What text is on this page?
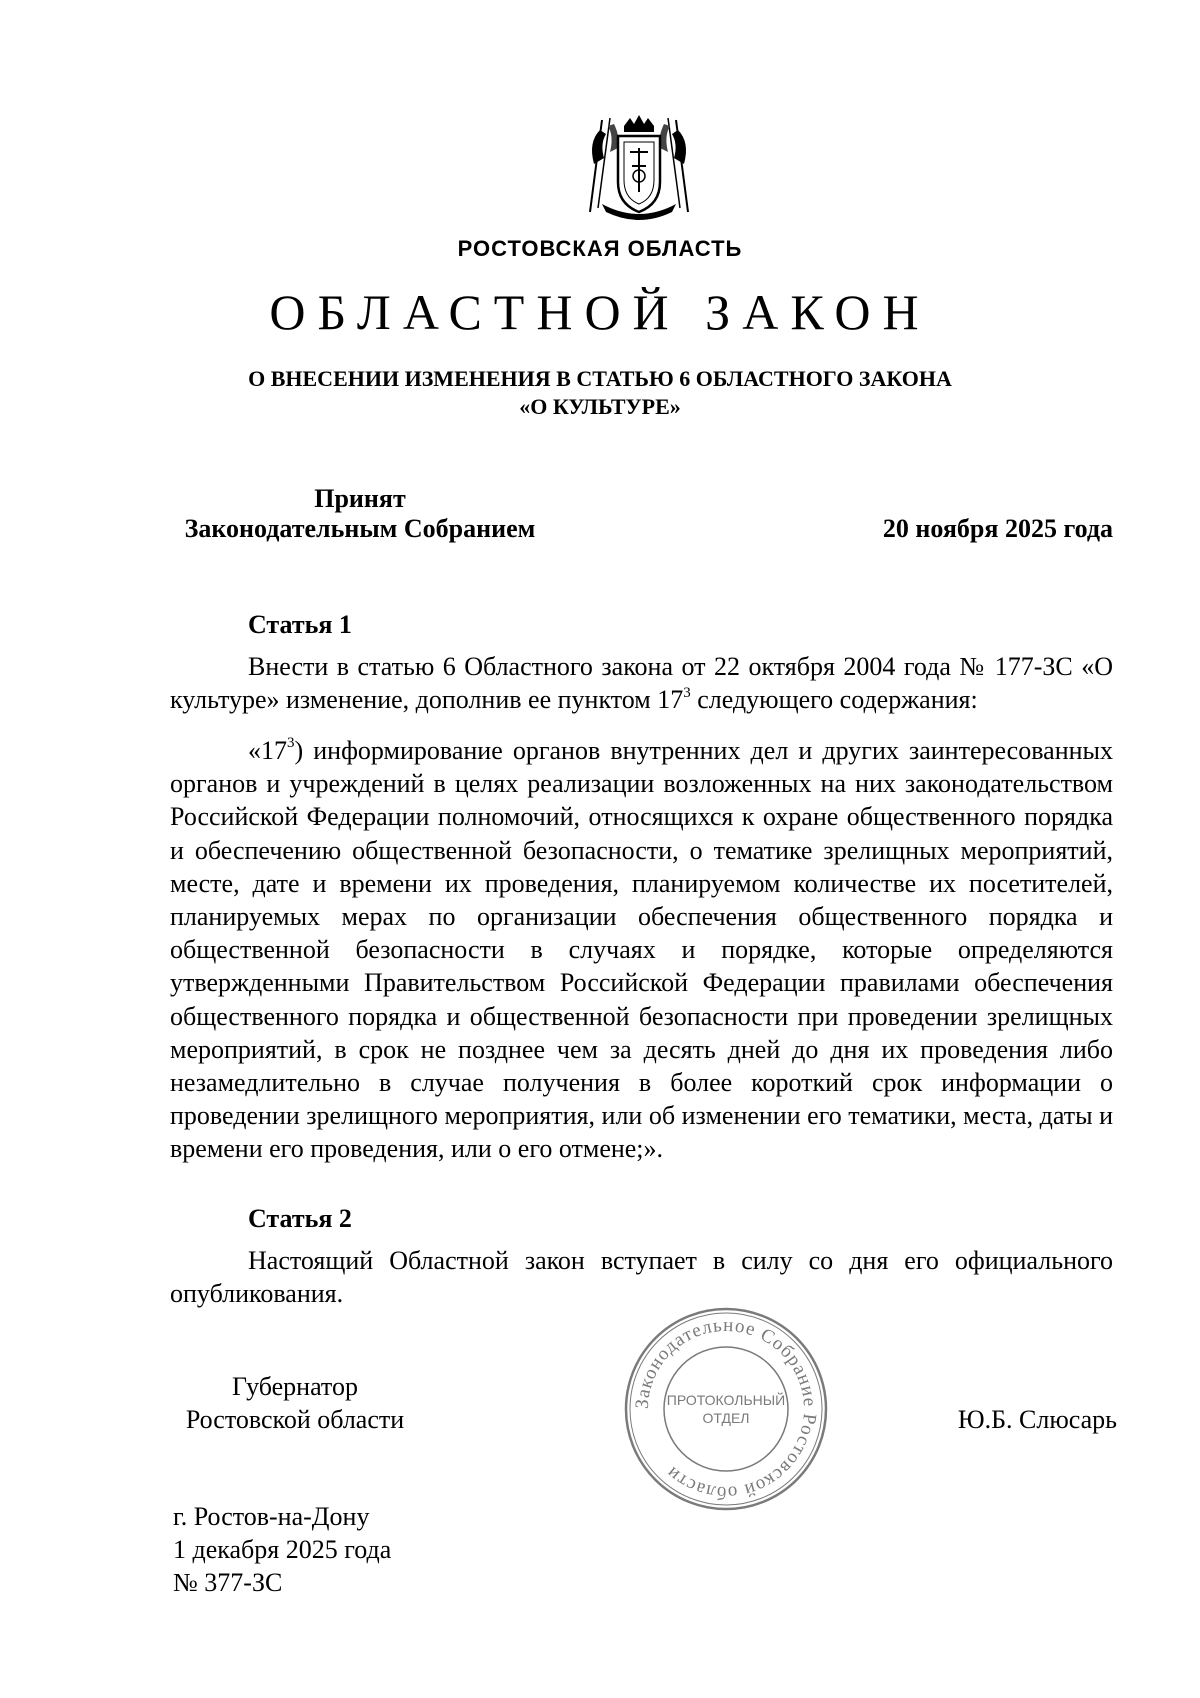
РОСТОВСКАЯ ОБЛАСТЬ
ОБЛАСТНОЙ ЗАКОН
О ВНЕСЕНИИ ИЗМЕНЕНИЯ В СТАТЬЮ 6 ОБЛАСТНОГО ЗАКОНА
«О КУЛЬТУРЕ»
Принят
Законодательным Собранием	20 ноября 2025 года
Статья 1
Внести в статью 6 Областного закона от 22 октября 2004 года № 177-ЗС «О культуре» изменение, дополнив ее пунктом $17^3$ следующего содержания:
«$17^3$) информирование органов внутренних дел и других заинтересованных органов и учреждений в целях реализации возложенных на них законодательством Российской Федерации полномочий, относящихся к охране общественного порядка и обеспечению общественной безопасности, о тематике зрелищных мероприятий, месте, дате и времени их проведения, планируемом количестве их посетителей, планируемых мерах по организации обеспечения общественного порядка и общественной безопасности в случаях и порядке, которые определяются утвержденными Правительством Российской Федерации правилами обеспечения общественного порядка и общественной безопасности при проведении зрелищных мероприятий, в срок не позднее чем за десять дней до дня их проведения либо незамедлительно в случае получения в более короткий срок информации о проведении зрелищного мероприятия, или об изменении его тематики, места, даты и времени его проведения, или о его отмене;».
Статья 2
Настоящий Областной закон вступает в силу со дня его официального опубликования.
Губернатор
Ростовской области	Ю.Б. Слюсарь
г. Ростов-на-Дону
1 декабря 2025 года
№ 377-ЗС
Законодательное Собрание Ростовской области
ПРОТОКОЛЬНЫЙ
ОТДЕЛ
